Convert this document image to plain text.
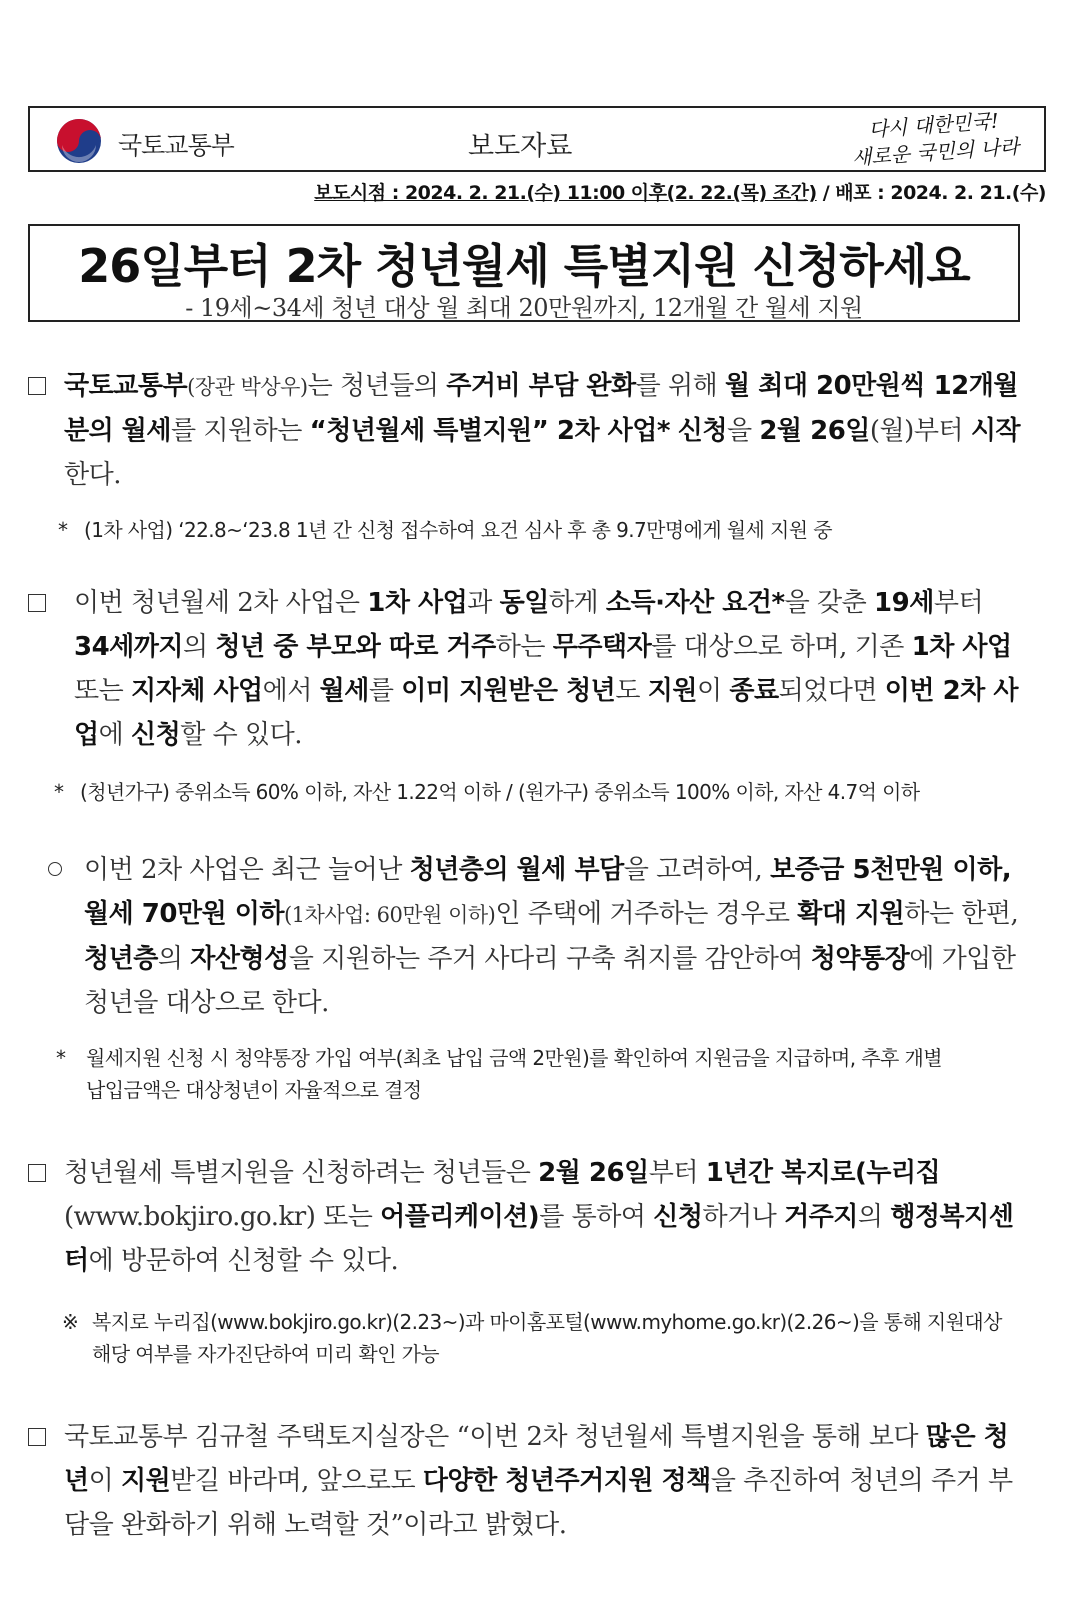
국토교통부	보도자료
다시 대한민국!
새로운 국민의 나라
보도시점 : 2024. 2. 21.(수) 11:00 이후(2. 22.(목) 조간) / 배포 : 2024. 2. 21.(수)
26일부터 2차 청년월세 특별지원 신청하세요
- 19세~34세 청년 대상 월 최대 20만원까지, 12개월 간 월세 지원
국토교통부(장관 박상우)는 청년들의 주거비 부담 완화를 위해 월 최대 20만원씩 12개월 분의 월세를 지원하는 “청년월세 특별지원” 2차 사업* 신청을 2월 26일(월)부터 시작한다.
* (1차 사업) ‘22.8~‘23.8 1년 간 신청 접수하여 요건 심사 후 총 9.7만명에게 월세 지원 중
이번 청년월세 2차 사업은 1차 사업과 동일하게 소득·자산 요건*을 갖춘 19세부터 34세까지의 청년 중 부모와 따로 거주하는 무주택자를 대상으로 하며, 기존 1차 사업 또는 지자체 사업에서 월세를 이미 지원받은 청년도 지원이 종료되었다면 이번 2차 사업에 신청할 수 있다.
* (청년가구) 중위소득 60% 이하, 자산 1.22억 이하 / (원가구) 중위소득 100% 이하, 자산 4.7억 이하
이번 2차 사업은 최근 늘어난 청년층의 월세 부담을 고려하여, 보증금 5천만원 이하, 월세 70만원 이하(1차사업: 60만원 이하)인 주택에 거주하는 경우로 확대 지원하는 한편, 청년층의 자산형성을 지원하는 주거 사다리 구축 취지를 감안하여 청약통장에 가입한 청년을 대상으로 한다.
*	월세지원 신청 시 청약통장 가입 여부(최초 납입 금액 2만원)를 확인하여 지원금을 지급하며, 추후 개별 납입금액은 대상청년이 자율적으로 결정
청년월세 특별지원을 신청하려는 청년들은 2월 26일부터 1년간 복지로(누리집(www.bokjiro.go.kr) 또는 어플리케이션)를 통하여 신청하거나 거주지의 행정복지센터에 방문하여 신청할 수 있다.
※ 복지로 누리집(www.bokjiro.go.kr)(2.23~)과 마이홈포털(www.myhome.go.kr)(2.26~)을 통해 지원대상 해당 여부를 자가진단하여 미리 확인 가능
국토교통부 김규철 주택토지실장은 “이번 2차 청년월세 특별지원을 통해 보다 많은 청년이 지원받길 바라며, 앞으로도 다양한 청년주거지원 정책을 추진하여 청년의 주거 부담을 완화하기 위해 노력할 것”이라고 밝혔다.
